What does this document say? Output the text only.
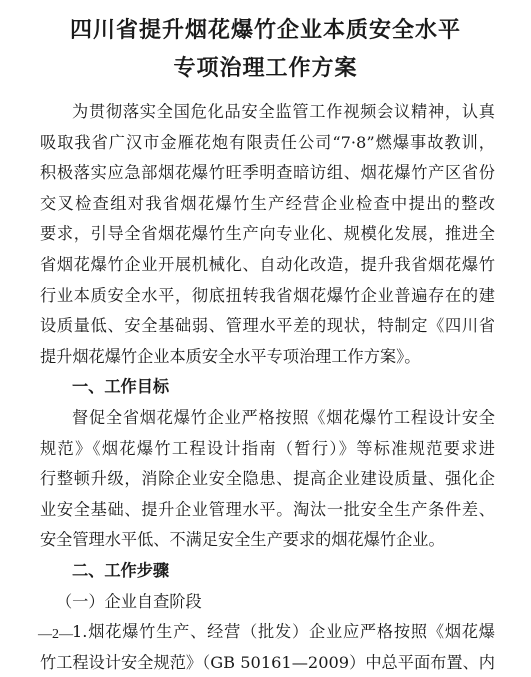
四川省提升烟花爆竹企业本质安全水平
专项治理工作方案
为贯彻落实全国危化品安全监管工作视频会议精神，认真
吸取我省广汉市金雁花炮有限责任公司“7·8”燃爆事故教训，
积极落实应急部烟花爆竹旺季明查暗访组、烟花爆竹产区省份
交叉检查组对我省烟花爆竹生产经营企业检查中提出的整改
要求，引导全省烟花爆竹生产向专业化、规模化发展，推进全
省烟花爆竹企业开展机械化、自动化改造，提升我省烟花爆竹
行业本质安全水平，彻底扭转我省烟花爆竹企业普遍存在的建
设质量低、安全基础弱、管理水平差的现状，特制定《四川省
提升烟花爆竹企业本质安全水平专项治理工作方案》。
一、工作目标
督促全省烟花爆竹企业严格按照《烟花爆竹工程设计安全
规范》《烟花爆竹工程设计指南（暂行）》等标准规范要求进
行整顿升级，消除企业安全隐患、提高企业建设质量、强化企
业安全基础、提升企业管理水平。淘汰一批安全生产条件差、
安全管理水平低、不满足安全生产要求的烟花爆竹企业。
二、工作步骤
（一）企业自查阶段
1.烟花爆竹生产、经营（批发）企业应严格按照《烟花爆
竹工程设计安全规范》（GB 50161—2009）中总平面布置、内
—2—
